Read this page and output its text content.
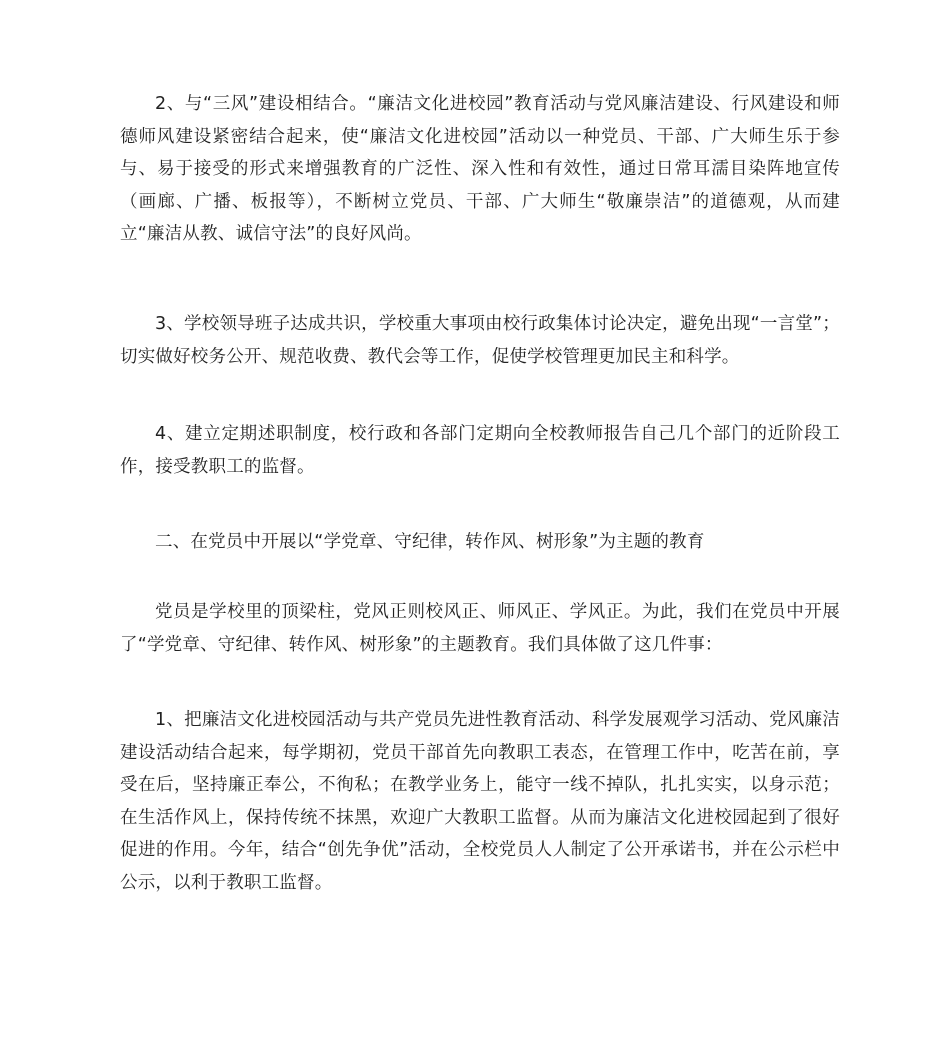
2、与“三风”建设相结合。“廉洁文化进校园”教育活动与党风廉洁建设、行风建设和师德师风建设紧密结合起来，使“廉洁文化进校园”活动以一种党员、干部、广大师生乐于参与、易于接受的形式来增强教育的广泛性、深入性和有效性，通过日常耳濡目染阵地宣传（画廊、广播、板报等），不断树立党员、干部、广大师生“敬廉崇洁”的道德观，从而建立“廉洁从教、诚信守法”的良好风尚。

3、学校领导班子达成共识，学校重大事项由校行政集体讨论决定，避免出现“一言堂”；切实做好校务公开、规范收费、教代会等工作，促使学校管理更加民主和科学。

4、建立定期述职制度，校行政和各部门定期向全校教师报告自己几个部门的近阶段工作，接受教职工的监督。

二、在党员中开展以“学党章、守纪律，转作风、树形象”为主题的教育

党员是学校里的顶梁柱，党风正则校风正、师风正、学风正。为此，我们在党员中开展了“学党章、守纪律、转作风、树形象”的主题教育。我们具体做了这几件事：

1、把廉洁文化进校园活动与共产党员先进性教育活动、科学发展观学习活动、党风廉洁建设活动结合起来，每学期初，党员干部首先向教职工表态，在管理工作中，吃苦在前，享受在后，坚持廉正奉公，不徇私；在教学业务上，能守一线不掉队，扎扎实实，以身示范；在生活作风上，保持传统不抹黑，欢迎广大教职工监督。从而为廉洁文化进校园起到了很好促进的作用。今年，结合“创先争优”活动，全校党员人人制定了公开承诺书，并在公示栏中公示，以利于教职工监督。
